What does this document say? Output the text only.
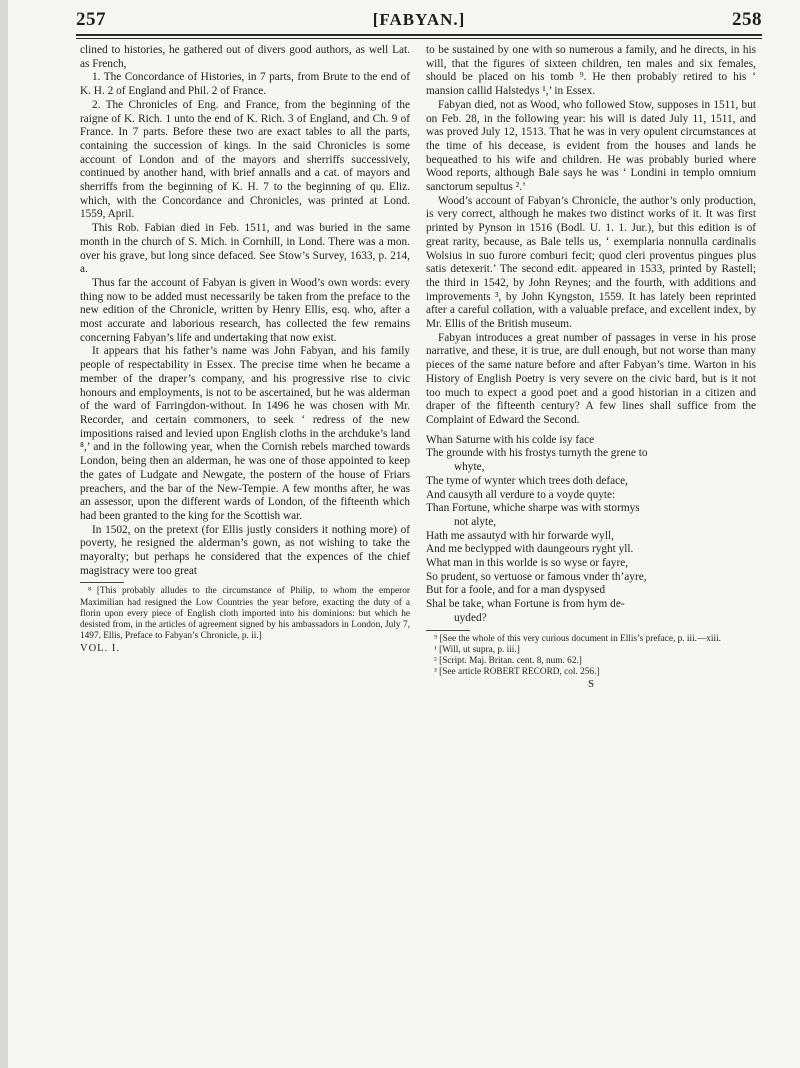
257	[FABYAN.]	258

clined to histories, he gathered out of divers good authors, as well Lat. as French,

1. The Concordance of Histories, in 7 parts, from Brute to the end of K. H. 2 of England and Phil. 2 of France.

2. The Chronicles of Eng. and France, from the beginning of the raigne of K. Rich. 1 unto the end of K. Rich. 3 of England, and Ch. 9 of France. In 7 parts. Before these two are exact tables to all the parts, containing the succession of kings. In the said Chronicles is some account of London and of the mayors and sherriffs successively, continued by another hand, with brief annalls and a cat. of mayors and sherriffs from the beginning of K. H. 7 to the beginning of qu. Eliz. which, with the Concordance and Chronicles, was printed at Lond. 1559, April.

This Rob. Fabian died in Feb. 1511, and was buried in the same month in the church of S. Mich. in Cornhill, in Lond. There was a mon. over his grave, but long since defaced. See Stow’s Survey, 1633, p. 214, a.

Thus far the account of Fabyan is given in Wood’s own words: every thing now to be added must necessarily be taken from the preface to the new edition of the Chronicle, written by Henry Ellis, esq. who, after a most accurate and laborious research, has collected the few remains concerning Fabyan’s life and undertaking that now exist.

It appears that his father’s name was John Fabyan, and his family people of respectability in Essex. The precise time when he became a member of the draper’s company, and his progressive rise to civic honours and employments, is not to be ascertained, but he was alderman of the ward of Farringdon-without. In 1496 he was chosen with Mr. Recorder, and certain commoners, to seek ‘ redress of the new impositions raised and levied upon English cloths in the archduke’s land ⁸,’ and in the following year, when the Cornish rebels marched towards London, being then an alderman, he was one of those appointed to keep the gates of Ludgate and Newgate, the postern of the house of Friars preachers, and the bar of the New-Tempie. A few months after, he was an assessor, upon the different wards of London, of the fifteenth which had been granted to the king for the Scottish war.

In 1502, on the pretext (for Ellis justly considers it nothing more) of poverty, he resigned the alderman’s gown, as not wishing to take the mayoralty; but perhaps he considered that the expences of the chief magistracy were too great

⁸ [This probably alludes to the circumstance of Philip, to whom the emperor Maximilian had resigned the Low Countries the year before, exacting the duty of a florin upon every piece of English cloth imported into his dominions: but which he desisted from, in the articles of agreement signed by his ambassadors in London, July 7, 1497. Ellis, Preface to Fabyan’s Chronicle, p. ii.]

VOL. I.

to be sustained by one with so numerous a family, and he directs, in his will, that the figures of sixteen children, ten males and six females, should be placed on his tomb ⁹. He then probably retired to his ‘ mansion callid Halstedys ¹,’ in Essex.

Fabyan died, not as Wood, who followed Stow, supposes in 1511, but on Feb. 28, in the following year: his will is dated July 11, 1511, and was proved July 12, 1513. That he was in very opulent circumstances at the time of his decease, is evident from the houses and lands he bequeathed to his wife and children. He was probably buried where Wood reports, although Bale says he was ‘ Londini in templo omnium sanctorum sepultus ².’

Wood’s account of Fabyan’s Chronicle, the author’s only production, is very correct, although he makes two distinct works of it. It was first printed by Pynson in 1516 (Bodl. U. 1. 1. Jur.), but this edition is of great rarity, because, as Bale tells us, ‘ exemplaria nonnulla cardinalis Wolsius in suo furore comburi fecit; quod cleri proventus pingues plus satis detexerit.’ The second edit. appeared in 1533, printed by Rastell; the third in 1542, by John Reynes; and the fourth, with additions and improvements ³, by John Kyngston, 1559. It has lately been reprinted after a careful collation, with a valuable preface, and excellent index, by Mr. Ellis of the British museum.

Fabyan introduces a great number of passages in verse in his prose narrative, and these, it is true, are dull enough, but not worse than many pieces of the same nature before and after Fabyan’s time. Warton in his History of English Poetry is very severe on the civic bard, but is it not too much to expect a good poet and a good historian in a citizen and draper of the fifteenth century? A few lines shall suffice from the Complaint of Edward the Second.

Whan Saturne with his colde isy face

The grounde with his frostys turnyth the grene to

whyte,

The tyme of wynter which trees doth deface,

And causyth all verdure to a voyde quyte:

Than Fortune, whiche sharpe was with stormys

not alyte,

Hath me assautyd with hir forwarde wyll,

And me beclypped with daungeours ryght yll.

What man in this worlde is so wyse or fayre,

So prudent, so vertuose or famous vnder th’ayre,

But for a foole, and for a man dyspysed

Shal be take, whan Fortune is from hym de-

uyded?

⁹ [See the whole of this very curious document in Ellis’s preface, p. iii.—xiii.

¹ [Will, ut supra, p. iii.]

² [Script. Maj. Britan. cent. 8, num. 62.]

³ [See article ROBERT RECORD, col. 256.]

S
